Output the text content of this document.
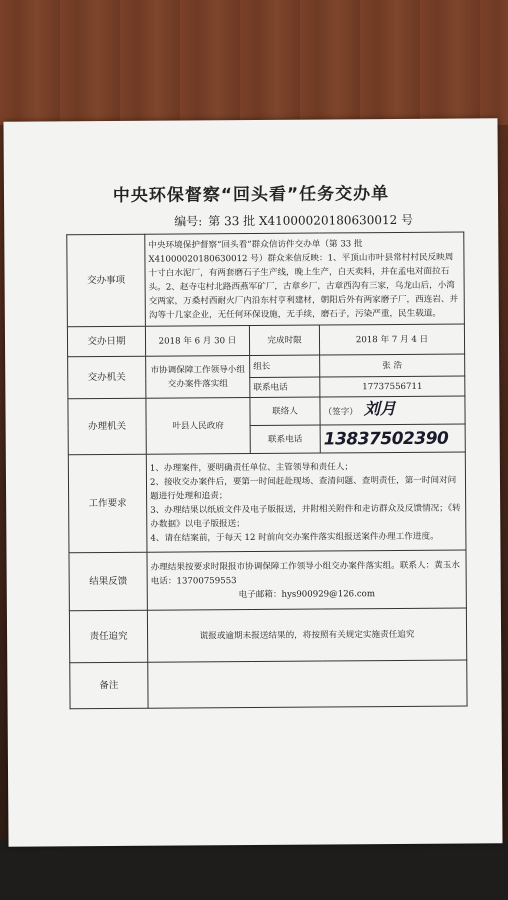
中央环保督察“回头看”任务交办单
编号: 第 33 批 X41000020180630012 号
交办事项	中央环境保护督察“回头看”群众信访件交办单（第 33 批 X41000020180630012 号）群众来信反映：1、平顶山市叶县常村村民反映周十寸白水泥厂，有两套磨石子生产线，晚上生产，白天卖料，并在孟电对面拉石头。2、赵寺屯村北路西燕军矿厂，古章乡厂，古章西沟有三家，乌龙山后，小湾交两家，万桑村西耐火厂内沿东村亨利建材，朝阳后外有两家磨子厂，西连岩、并沟等十几家企业，无任何环保设施，无手续，磨石子，污染严重，民生载道。		
交办日期	2018 年 6 月 30 日	完成时限	2018 年 7 月 4 日
交办机关	市协调保障工作领导小组交办案件落实组	组长	张 浩
		联系电话	17737556711
办理机关	叶县人民政府	联络人	（签字） 刘月
		联系电话	13837502390
工作要求	1、办理案件，要明确责任单位、主管领导和责任人；

2、接收交办案件后，要第一时间赶赴现场、查清问题、查明责任，第一时间对问题进行处理和追责；

3、办理结果以纸质文件及电子版报送，并附相关附件和走访群众及反馈情况；《转办数据》以电子版报送；

4、请在结案前，于每天 12 时前向交办案件落实组报送案件办理工作进度。		

结果反馈	办理结果按要求时限报市协调保障工作领导小组交办案件落实组。联系人：黄玉水 电话：13700759553
电子邮箱：hys900929@126.com		

责任追究	谎报或逾期未报送结果的，将按照有关规定实施责任追究		
备注			
